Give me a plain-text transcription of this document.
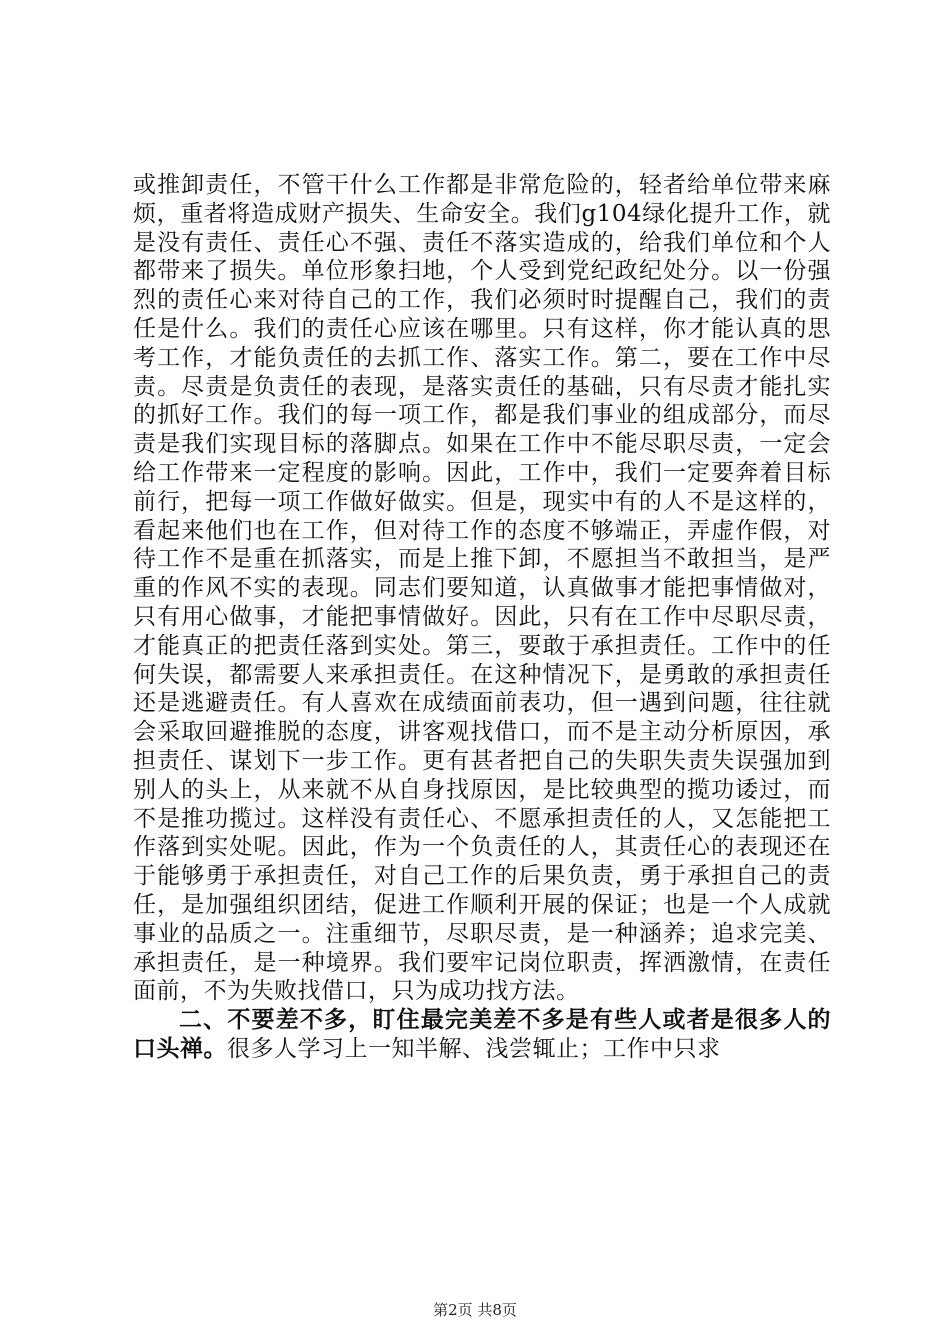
或推卸责任，不管干什么工作都是非常危险的，轻者给单位带来麻烦，重者将造成财产损失、生命安全。我们g104绿化提升工作，就是没有责任、责任心不强、责任不落实造成的，给我们单位和个人都带来了损失。单位形象扫地，个人受到党纪政纪处分。以一份强烈的责任心来对待自己的工作，我们必须时时提醒自己，我们的责任是什么。我们的责任心应该在哪里。只有这样，你才能认真的思考工作，才能负责任的去抓工作、落实工作。第二，要在工作中尽责。尽责是负责任的表现，是落实责任的基础，只有尽责才能扎实的抓好工作。我们的每一项工作，都是我们事业的组成部分，而尽责是我们实现目标的落脚点。如果在工作中不能尽职尽责，一定会给工作带来一定程度的影响。因此，工作中，我们一定要奔着目标前行，把每一项工作做好做实。但是，现实中有的人不是这样的，看起来他们也在工作，但对待工作的态度不够端正，弄虚作假，对待工作不是重在抓落实，而是上推下卸，不愿担当不敢担当，是严重的作风不实的表现。同志们要知道，认真做事才能把事情做对，只有用心做事，才能把事情做好。因此，只有在工作中尽职尽责，才能真正的把责任落到实处。第三，要敢于承担责任。工作中的任何失误，都需要人来承担责任。在这种情况下，是勇敢的承担责任还是逃避责任。有人喜欢在成绩面前表功，但一遇到问题，往往就会采取回避推脱的态度，讲客观找借口，而不是主动分析原因，承担责任、谋划下一步工作。更有甚者把自己的失职失责失误强加到别人的头上，从来就不从自身找原因，是比较典型的揽功诿过，而不是推功揽过。这样没有责任心、不愿承担责任的人，又怎能把工作落到实处呢。因此，作为一个负责任的人，其责任心的表现还在于能够勇于承担责任，对自己工作的后果负责，勇于承担自己的责任，是加强组织团结，促进工作顺利开展的保证；也是一个人成就事业的品质之一。注重细节，尽职尽责，是一种涵养；追求完美、承担责任，是一种境界。我们要牢记岗位职责，挥洒激情，在责任面前，不为失败找借口，只为成功找方法。

二、不要差不多，盯住最完美差不多是有些人或者是很多人的口头禅。很多人学习上一知半解、浅尝辄止；工作中只求

第2页 共8页
